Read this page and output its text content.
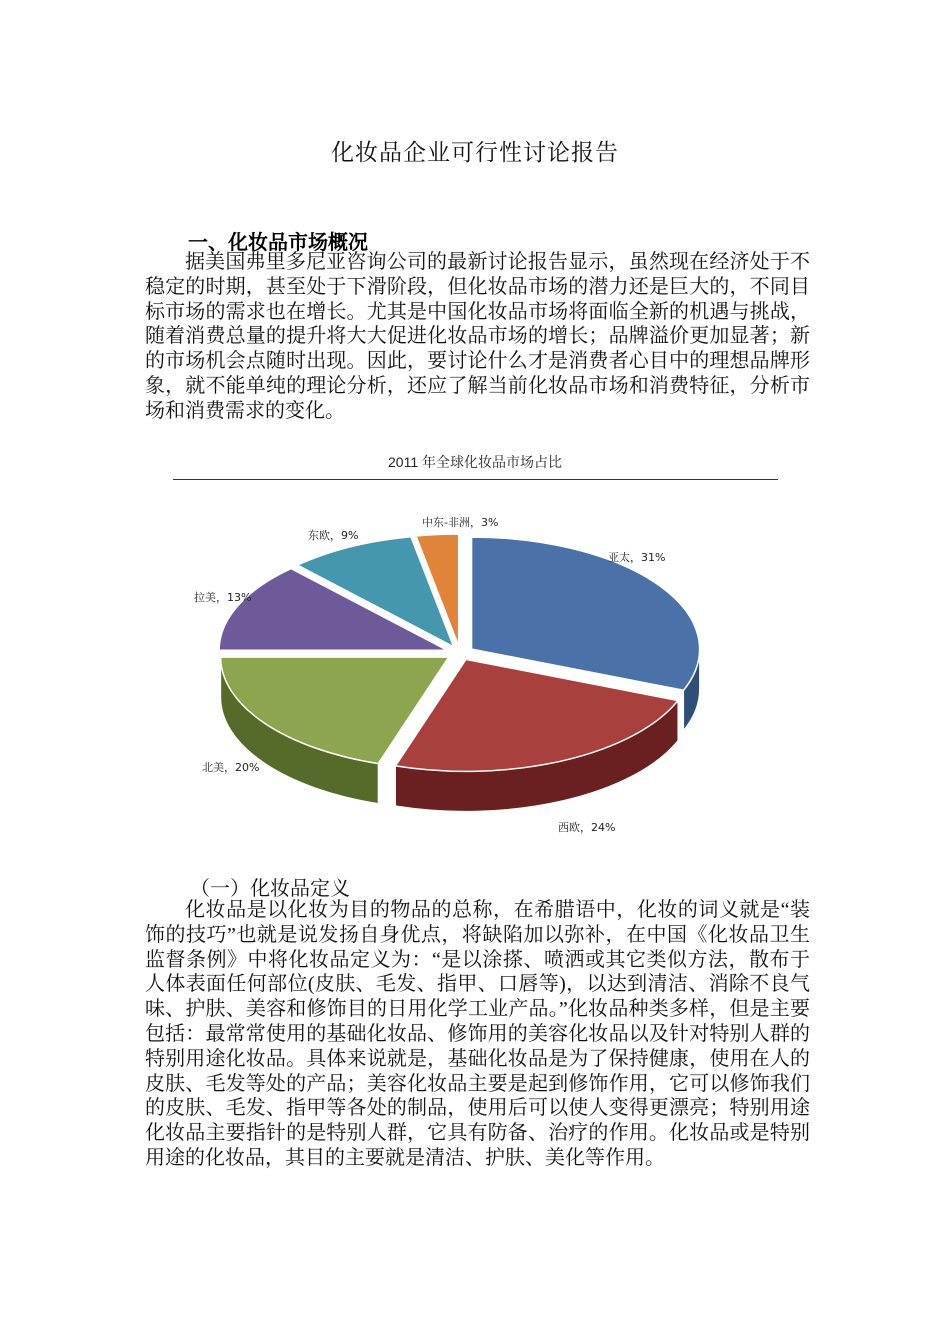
化妆品企业可行性讨论报告
一、化妆品市场概况

据美国弗里多尼亚咨询公司的最新讨论报告显示，虽然现在经济处于不稳定的时期，甚至处于下滑阶段，但化妆品市场的潜力还是巨大的，不同目标市场的需求也在增长。尤其是中国化妆品市场将面临全新的机遇与挑战，随着消费总量的提升将大大促进化妆品市场的增长；品牌溢价更加显著；新的市场机会点随时出现。因此，要讨论什么才是消费者心目中的理想品牌形象，就不能单纯的理论分析，还应了解当前化妆品市场和消费特征，分析市场和消费需求的变化。

2011 年全球化妆品市场占比
亚太，31%
西欧，24%
北美，20%
拉美，13%
东欧，9%
中东-非洲，3%
（一）化妆品定义

化妆品是以化妆为目的物品的总称，在希腊语中，化妆的词义就是“装饰的技巧”也就是说发扬自身优点，将缺陷加以弥补，在中国《化妆品卫生监督条例》中将化妆品定义为：“是以涂搽、喷洒或其它类似方法，散布于人体表面任何部位(皮肤、毛发、指甲、口唇等)，以达到清洁、消除不良气味、护肤、美容和修饰目的日用化学工业产品。”化妆品种类多样，但是主要包括：最常常使用的基础化妆品、修饰用的美容化妆品以及针对特别人群的特别用途化妆品。具体来说就是，基础化妆品是为了保持健康，使用在人的皮肤、毛发等处的产品；美容化妆品主要是起到修饰作用，它可以修饰我们的皮肤、毛发、指甲等各处的制品，使用后可以使人变得更漂亮；特别用途化妆品主要指针的是特别人群，它具有防备、治疗的作用。化妆品或是特别用途的化妆品，其目的主要就是清洁、护肤、美化等作用。
